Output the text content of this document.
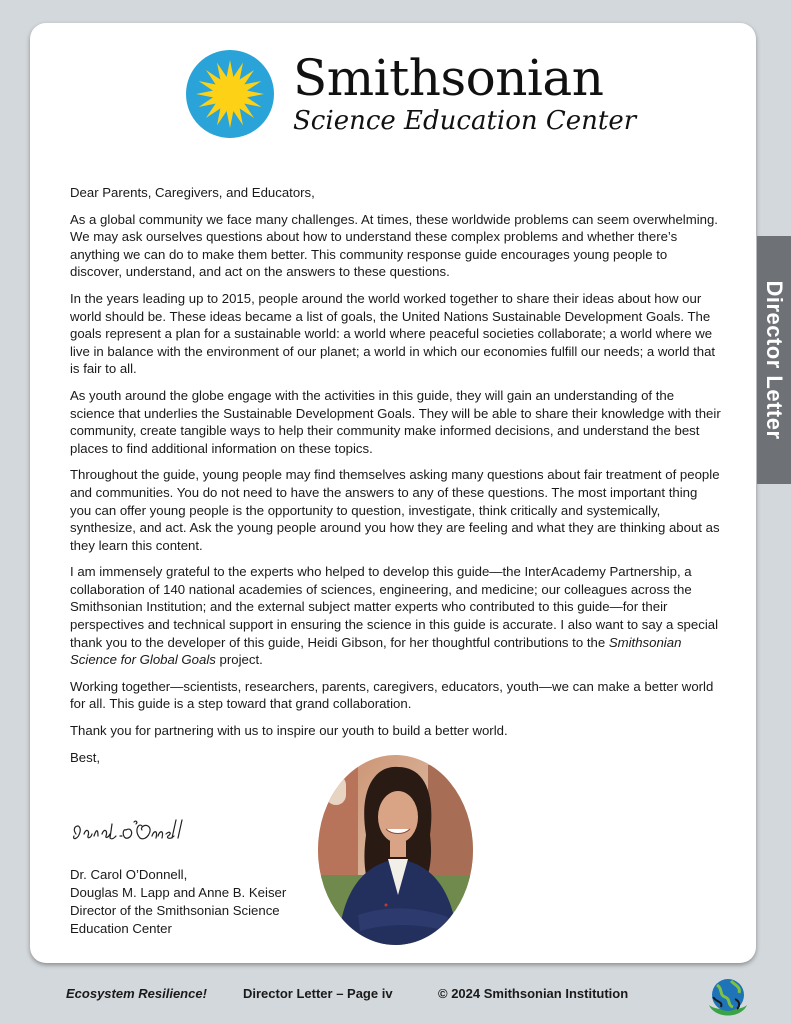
Director Letter
Smithsonian
Science Education Center

Dear Parents, Caregivers, and Educators,

As a global community we face many challenges. At times, these worldwide problems can seem overwhelming. We may ask ourselves questions about how to understand these complex problems and whether there’s anything we can do to make them better. This community response guide encourages young people to discover, understand, and act on the answers to these questions.

In the years leading up to 2015, people around the world worked together to share their ideas about how our world should be. These ideas became a list of goals, the United Nations Sustainable Development Goals. The goals represent a plan for a sustainable world: a world where peaceful societies collaborate; a world where we live in balance with the environment of our planet; a world in which our economies fulfill our needs; a world that is fair to all.

As youth around the globe engage with the activities in this guide, they will gain an understanding of the science that underlies the Sustainable Development Goals. They will be able to share their knowledge with their community, create tangible ways to help their community make informed decisions, and understand the best places to find additional information on these topics.

Throughout the guide, young people may find themselves asking many questions about fair treatment of people and communities. You do not need to have the answers to any of these questions. The most important thing you can offer young people is the opportunity to question, investigate, think critically and systemically, synthesize, and act. Ask the young people around you how they are feeling and what they are thinking about as they learn this content.

I am immensely grateful to the experts who helped to develop this guide—the InterAcademy Partnership, a collaboration of 140 national academies of sciences, engineering, and medicine; our colleagues across the Smithsonian Institution; and the external subject matter experts who contributed to this guide—for their perspectives and technical support in ensuring the science in this guide is accurate. I also want to say a special thank you to the developer of this guide, Heidi Gibson, for her thoughtful contributions to the Smithsonian Science for Global Goals project.

Working together—scientists, researchers, parents, caregivers, educators, youth—we can make a better world for all. This guide is a step toward that grand collaboration.

Thank you for partnering with us to inspire our youth to build a better world.

Best,

Dr. Carol O’Donnell,
Douglas M. Lapp and Anne B. Keiser
Director of the Smithsonian Science
Education Center
Ecosystem Resilience!	Director Letter – Page iv	© 2024 Smithsonian Institution
